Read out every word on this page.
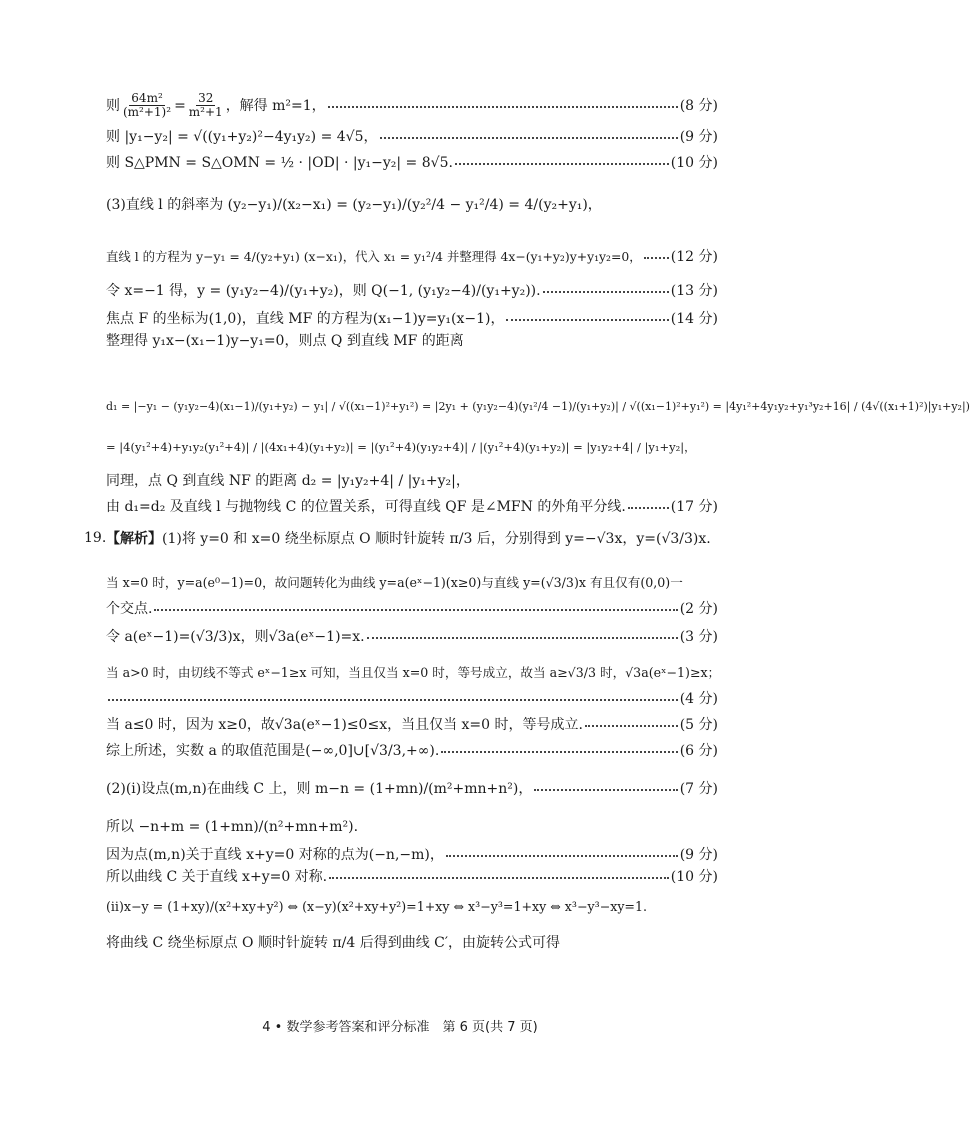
则 $\frac{\text{64m²}}{\text{(m²+1)²}} = \frac{32}{\text{m²+1}}$ ，解得 m²=1，	(8 分)
则 |y₁−y₂| = √((y₁+y₂)²−4y₁y₂) = 4√5，	(9 分)
则 S△PMN = S△OMN = ½ · |OD| · |y₁−y₂| = 8√5.	(10 分)
(3)直线 l 的斜率为 (y₂−y₁)/(x₂−x₁) = (y₂−y₁)/(y₂²/4 − y₁²/4) = 4/(y₂+y₁)，
直线 l 的方程为 y−y₁ = 4/(y₂+y₁) (x−x₁)，代入 x₁ = y₁²/4 并整理得 4x−(y₁+y₂)y+y₁y₂=0， (12 分)
令 x=−1 得，y = (y₁y₂−4)/(y₁+y₂)，则 Q(−1, (y₁y₂−4)/(y₁+y₂)).	(13 分)
焦点 F 的坐标为(1,0)，直线 MF 的方程为(x₁−1)y=y₁(x−1)，	(14 分)
整理得 y₁x−(x₁−1)y−y₁=0，则点 Q 到直线 MF 的距离
d₁ = |−y₁ − (y₁y₂−4)(x₁−1)/(y₁+y₂) − y₁| / √((x₁−1)²+y₁²) = |2y₁ + (y₁y₂−4)(y₁²/4 −1)/(y₁+y₂)| / √((x₁−1)²+y₁²) = |4y₁²+4y₁y₂+y₁³y₂+16| / (4√((x₁+1)²)|y₁+y₂|)
= |4(y₁²+4)+y₁y₂(y₁²+4)| / |(4x₁+4)(y₁+y₂)| = |(y₁²+4)(y₁y₂+4)| / |(y₁²+4)(y₁+y₂)| = |y₁y₂+4| / |y₁+y₂|，
同理，点 Q 到直线 NF 的距离 d₂ = |y₁y₂+4| / |y₁+y₂|，
由 d₁=d₂ 及直线 l 与抛物线 C 的位置关系，可得直线 QF 是∠MFN 的外角平分线.	(17 分)
19. 【解析】 (1)将 y=0 和 x=0 绕坐标原点 O 顺时针旋转 π/3 后，分别得到 y=−√3x，y=(√3/3)x.
当 x=0 时，y=a(e⁰−1)=0，故问题转化为曲线 y=a(eˣ−1)(x≥0)与直线 y=(√3/3)x 有且仅有(0,0)一
个交点.	(2 分)
令 a(eˣ−1)=(√3/3)x，则√3a(eˣ−1)=x.	(3 分)
当 a>0 时，由切线不等式 eˣ−1≥x 可知，当且仅当 x=0 时，等号成立，故当 a≥√3/3 时，√3a(eˣ−1)≥x；
(4 分)
当 a≤0 时，因为 x≥0，故√3a(eˣ−1)≤0≤x，当且仅当 x=0 时，等号成立.	(5 分)
综上所述，实数 a 的取值范围是(−∞,0]∪[√3/3,+∞).	(6 分)
(2)(ⅰ)设点(m,n)在曲线 C 上，则 m−n = (1+mn)/(m²+mn+n²)，	(7 分)
所以 −n+m = (1+mn)/(n²+mn+m²).
因为点(m,n)关于直线 x+y=0 对称的点为(−n,−m)，	(9 分)
所以曲线 C 关于直线 x+y=0 对称.	(10 分)
(ⅱ)x−y = (1+xy)/(x²+xy+y²) ⇔ (x−y)(x²+xy+y²)=1+xy ⇔ x³−y³=1+xy ⇔ x³−y³−xy=1.
将曲线 C 绕坐标原点 O 顺时针旋转 π/4 后得到曲线 C′，由旋转公式可得
4 • 数学参考答案和评分标准　第 6 页(共 7 页)
